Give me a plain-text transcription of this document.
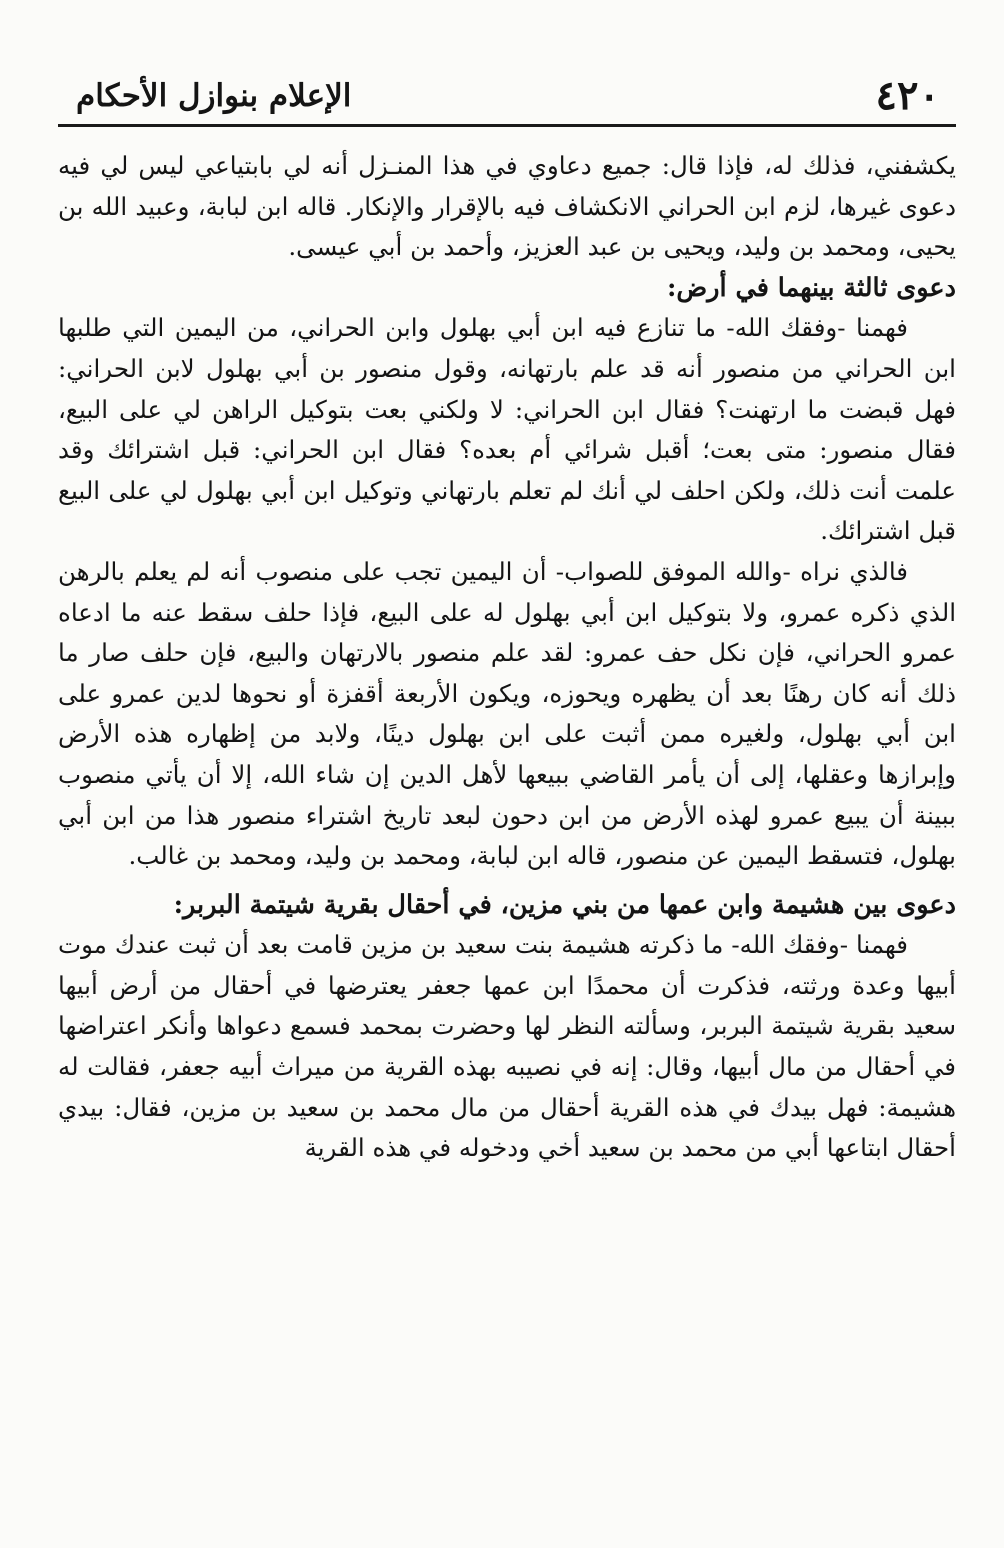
٤٢٠
الإعلام بنوازل الأحكام

يكشفني، فذلك له، فإذا قال: جميع دعاوي في هذا المنـزل أنه لي بابتياعي ليس لي فيه دعوى غيرها، لزم ابن الحراني الانكشاف فيه بالإقرار والإنكار. قاله ابن لبابة، وعبيد الله بن يحيى، ومحمد بن وليد، ويحيى بن عبد العزيز، وأحمد بن أبي عيسى.

دعوى ثالثة بينهما في أرض:

فهمنا -وفقك الله- ما تنازع فيه ابن أبي بهلول وابن الحراني، من اليمين التي طلبها ابن الحراني من منصور أنه قد علم بارتهانه، وقول منصور بن أبي بهلول لابن الحراني: فهل قبضت ما ارتهنت؟ فقال ابن الحراني: لا ولكني بعت بتوكيل الراهن لي على البيع، فقال منصور: متى بعت؛ أقبل شرائي أم بعده؟ فقال ابن الحراني: قبل اشترائك وقد علمت أنت ذلك، ولكن احلف لي أنك لم تعلم بارتهاني وتوكيل ابن أبي بهلول لي على البيع قبل اشترائك.

فالذي نراه -والله الموفق للصواب- أن اليمين تجب على منصوب أنه لم يعلم بالرهن الذي ذكره عمرو، ولا بتوكيل ابن أبي بهلول له على البيع، فإذا حلف سقط عنه ما ادعاه عمرو الحراني، فإن نكل حف عمرو: لقد علم منصور بالارتهان والبيع، فإن حلف صار ما ذلك أنه كان رهنًا بعد أن يظهره ويحوزه، ويكون الأربعة أقفزة أو نحوها لدين عمرو على ابن أبي بهلول، ولغيره ممن أثبت على ابن بهلول دينًا، ولابد من إظهاره هذه الأرض وإبرازها وعقلها، إلى أن يأمر القاضي ببيعها لأهل الدين إن شاء الله، إلا أن يأتي منصوب ببينة أن يبيع عمرو لهذه الأرض من ابن دحون لبعد تاريخ اشتراء منصور هذا من ابن أبي بهلول، فتسقط اليمين عن منصور، قاله ابن لبابة، ومحمد بن وليد، ومحمد بن غالب.

دعوى بين هشيمة وابن عمها من بني مزين، في أحقال بقرية شيتمة البربر:

فهمنا -وفقك الله- ما ذكرته هشيمة بنت سعيد بن مزين قامت بعد أن ثبت عندك موت أبيها وعدة ورثته، فذكرت أن محمدًا ابن عمها جعفر يعترضها في أحقال من أرض أبيها سعيد بقرية شيتمة البربر، وسألته النظر لها وحضرت بمحمد فسمع دعواها وأنكر اعتراضها في أحقال من مال أبيها، وقال: إنه في نصيبه بهذه القرية من ميراث أبيه جعفر، فقالت له هشيمة: فهل بيدك في هذه القرية أحقال من مال محمد بن سعيد بن مزين، فقال: بيدي أحقال ابتاعها أبي من محمد بن سعيد أخي ودخوله في هذه القرية
